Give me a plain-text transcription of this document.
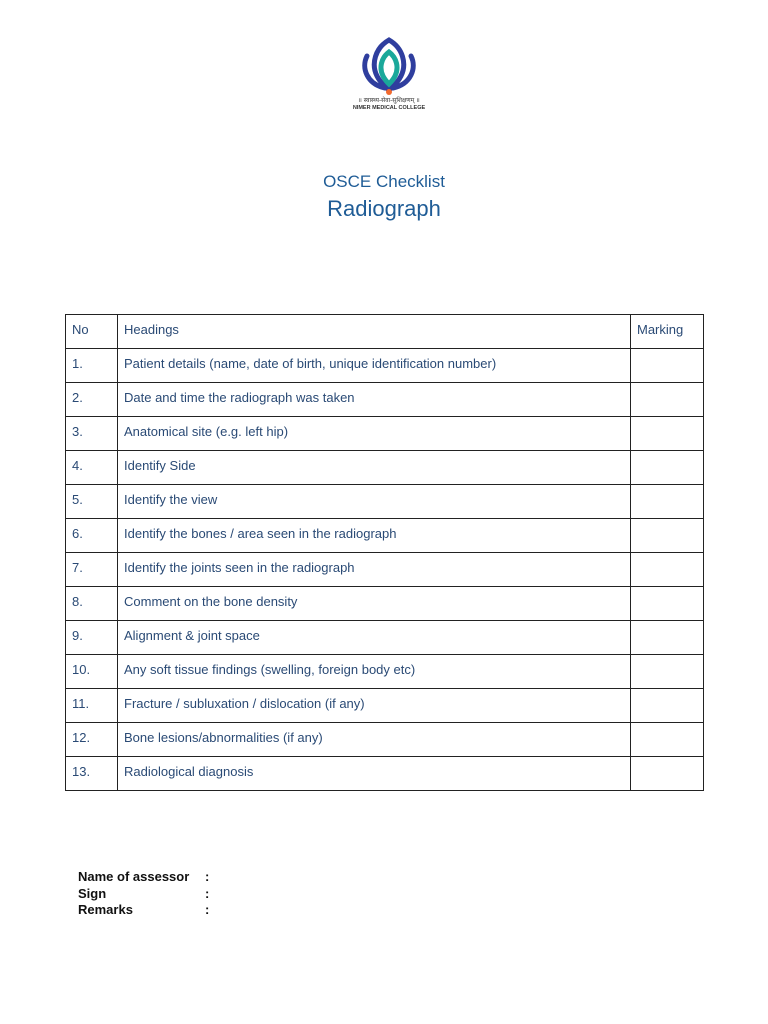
॥ स्वास्थ्य-सेवा-सुशिक्षणम् ॥
NIMER MEDICAL COLLEGE
OSCE Checklist
Radiograph
No	Headings	Marking
1.	Patient details (name, date of birth, unique identification number)	
2.	Date and time the radiograph was taken	
3.	Anatomical site (e.g. left hip)	
4.	Identify Side	
5.	Identify the view	
6.	Identify the bones / area seen in the radiograph	
7.	Identify the joints seen in the radiograph	
8.	Comment on the bone density	
9.	Alignment & joint space	
10.	Any soft tissue findings (swelling, foreign body etc)	
11.	Fracture / subluxation / dislocation (if any)	
12.	Bone lesions/abnormalities (if any)	
13.	Radiological diagnosis	
Name of assessor	:
Sign	:
Remarks	:
